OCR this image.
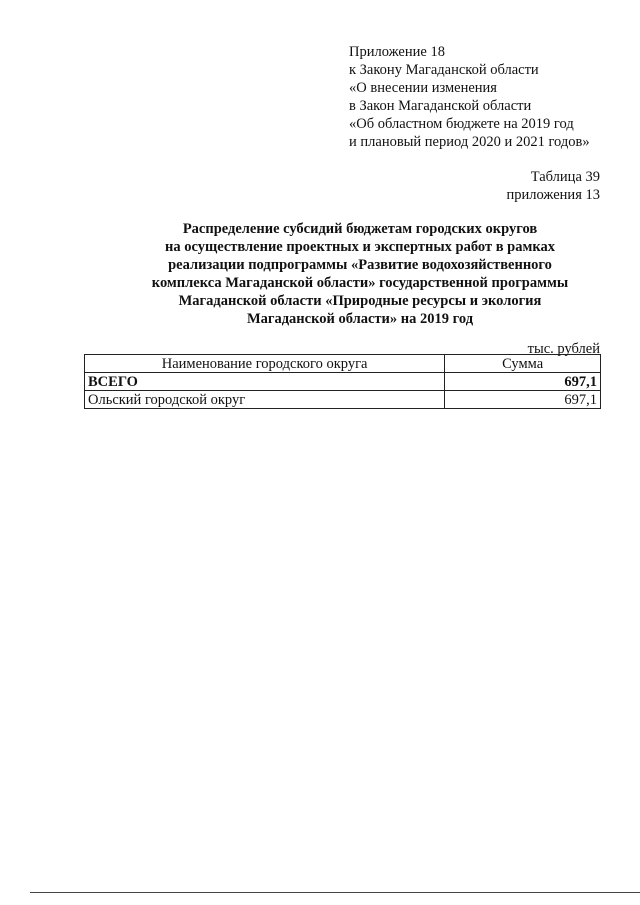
Приложение 18
к Закону Магаданской области
«О внесении изменения
в Закон Магаданской области
«Об областном бюджете на 2019 год
и плановый период 2020 и 2021 годов»
Таблица 39
приложения 13
Распределение субсидий бюджетам городских округов
на осуществление проектных и экспертных работ в рамках
реализации подпрограммы «Развитие водохозяйственного
комплекса Магаданской области» государственной программы
Магаданской области «Природные ресурсы и экология
Магаданской области» на 2019 год
тыс. рублей
Наименование городского округа	Сумма
ВСЕГО	697,1
Ольский городской округ	697,1
